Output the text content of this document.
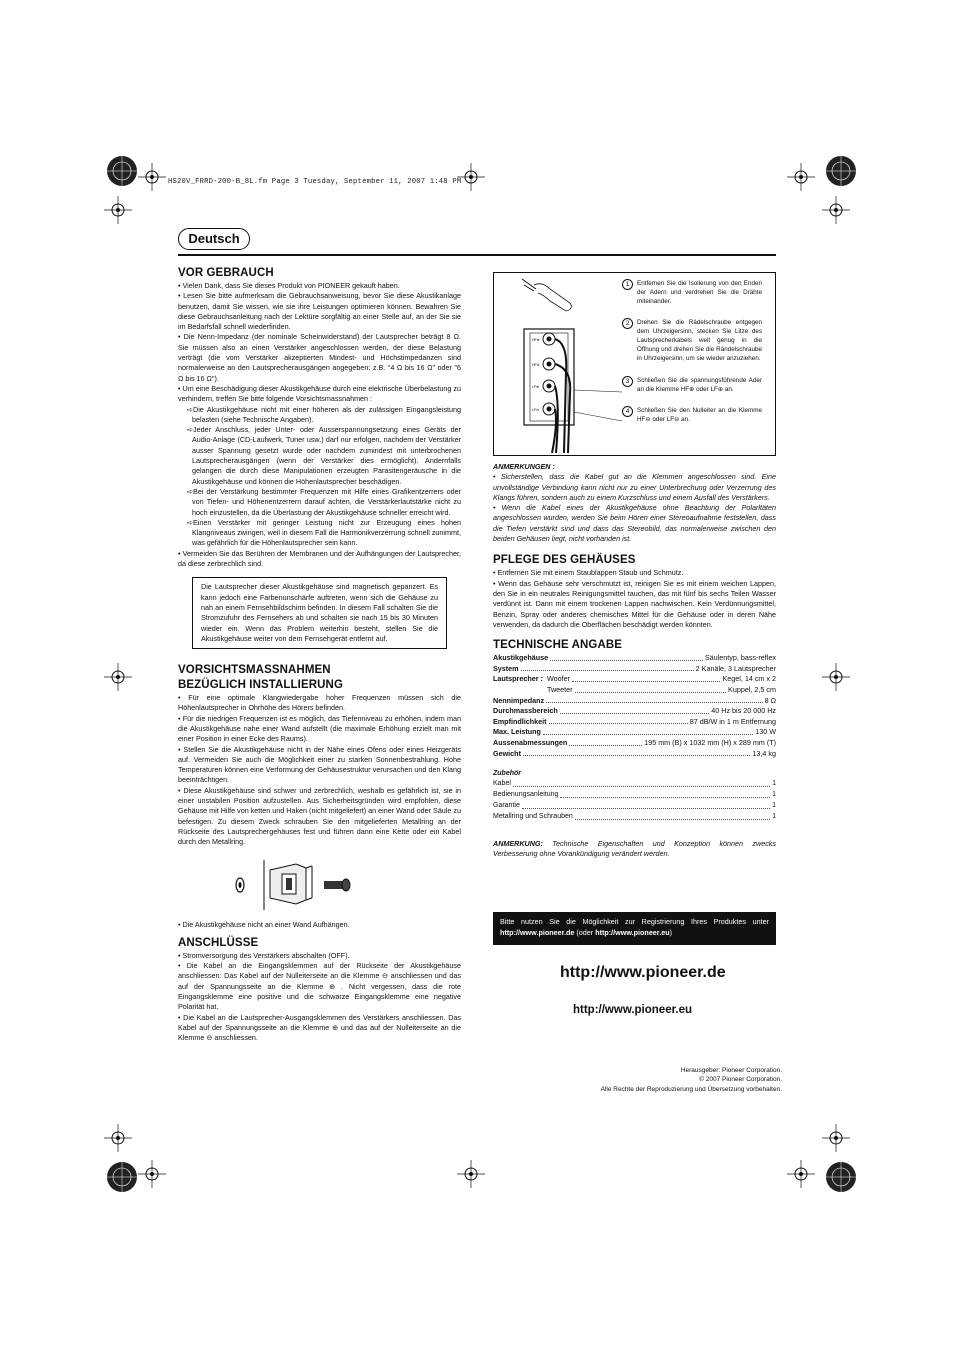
HS20V_FRRD-200-B_8L.fm Page 3 Tuesday, September 11, 2007 1:48 PM
Deutsch
VOR GEBRAUCH

• Vielen Dank, dass Sie dieses Produkt von PIONEER gekauft haben.

• Lesen Sie bitte aufmerksam die Gebrauchsanweisung, bevor Sie diese Akustikanlage benutzen, damit Sie wissen, wie sie ihre Leistungen optimieren können. Bewahren Sie diese Gebrauchsanleitung nach der Lektüre sorgfältig an einer Stelle auf, an der Sie sie im Bedarfsfall schnell wiederfinden.

• Die Nenn-Impedanz (der nominale Scheinwiderstand) der Lautsprecher beträgt 8 Ω. Sie müssen also an einen Verstärker angeschlossen werden, der diese Belastung verträgt (die vom Verstärker akzeptierten Mindest- und Höchstimpedanzen sind normalerweise an den Lautsprecherausgängen angegeben: z.B. "4 Ω bis 16 Ω" oder "6 Ω bis 16 Ω").

• Um eine Beschädigung dieser Akustikgehäuse durch eine elektrische Überbelastung zu verhindern, treffen Sie bitte folgende Vorsichtsmassnahmen :

➪Die Akustikgehäuse nicht mit einer höheren als der zulässigen Eingangsleistung belasten (siehe Technische Angaben).

➪Jeder Anschluss, jeder Unter- oder Ausserspannungsetzung eines Geräts der Audio-Anlage (CD-Laufwerk, Tuner usw.) darf nur erfolgen, nachdem der Verstärker ausser Spannung gesetzt wurde oder nachdem zumindest mit unterbrochenen Lautsprecherausgängen (wenn der Verstärker dies ermöglicht). Andernfalls gelangen die durch diese Manipulationen erzeugten Parasitengeräusche in die Akustikgehäuse und können die Höhenlautsprecher beschädigen.

➪Bei der Verstärkung bestimmter Frequenzen mit Hilfe eines Grafikentzerrers oder von Tiefen- und Höhenentzerrern darauf achten, die Verstärkerlautstärke nicht zu hoch einzustellen, da die Überlastung der Akustikgehäuse schneller erreicht wird.

➪Einen Verstärker mit geringer Leistung nicht zur Erzeugung eines hohen Klangniveaus zwingen, weil in diesem Fall die Harmonikverzerrung schnell zunimmt, was gefährlich für die Höhenlautsprecher sein kann.

• Vermeiden Sie das Berühren der Membranen und der Aufhängungen der Lautsprecher, da diese zerbrechlich sind.

Die Lautsprecher dieser Akustikgehäuse sind magnetisch gepanzert. Es kann jedoch eine Farbenunschärfe auftreten, wenn sich die Gehäuse zu nah an einem Fernsehbildschirm befinden. In diesem Fall schalten Sie die Stromzufuhr des Fernsehers ab und schalten sie nach 15 bis 30 Minuten wieder ein. Wenn das Problem weiterhin besteht, stellen Sie die Akustikgehäuse weiter von dem Fernsehgerät entfernt auf.
VORSICHTSMASSNAHMEN
BEZÜGLICH INSTALLIERUNG

• Für eine optimale Klangwiedergabe hoher Frequenzen müssen sich die Höhenlautsprecher in Ohrhöhe des Hörers befinden.

• Für die niedrigen Frequenzen ist es möglich, das Tiefenniveau zu erhöhen, indem man die Akustikgehäuse nahe einer Wand aufstellt (die maximale Erhöhung erzielt man mit einer Position in einer Ecke des Raums).

• Stellen Sie die Akustikgehäuse nicht in der Nähe eines Ofens oder eines Heizgeräts auf. Vermeiden Sie auch die Möglichkeit einer zu starken Sonnenbestrahlung. Hohe Temperaturen können eine Verformung der Gehäusestruktur verursachen und den Klang beeinträchtigen.

• Diese Akustikgehäuse sind schwer und zerbrechlich, weshalb es gefährlich ist, sie in einer unstabilen Position aufzustellen. Aus Sicherheitsgründen wird empfohlen, diese Gehäuse mit Hilfe von ketten und Haken (nicht mitgeliefert) an einer Wand oder Säule zu befestigen. Zu diesem Zweck schrauben Sie den mitgelieferten Metallring an der Rückseite des Lautsprechergehäuses fest und führen dann eine Kette oder ein Kabel durch den Metallring.

• Die Akustikgehäuse nicht an einer Wand Aufhängen.

ANSCHLÜSSE

• Stromversorgung des Verstärkers abschalten (OFF).

• Die Kabel an die Eingangsklemmen auf der Rückseite der Akustikgehäuse anschliessen: Das Kabel auf der Nulleiterseite an die Klemme ⊖ anschliessen und das auf der Spannungsseite an die Klemme ⊕ . Nicht vergessen, dass die rote Eingangsklemme eine positive und die schwarze Eingangsklemme eine negative Polarität hat.

• Die Kabel an die Lautsprecher-Ausgangsklemmen des Verstärkers anschliessen. Das Kabel auf der Spannungsseite an die Klemme ⊕ und das auf der Nulleiterseite an die Klemme ⊖ anschliessen.

HF⊕
HF⊖
LF⊕
LF⊖
1	Entfernen Sie die Isolierung von den Enden der Adern und verdrehen Sie die Drähte miteinander.
2	Drehen Sie die Rädelschraube entgegen dem Uhrzeigersinn, stecken Sie Litze des Lautsprecherkabels weit genug in die Öffnung und drehen Sie die Rändelschraube in Uhrzeigersinn, um sie wieder anzuziehen.
3	Schließen Sie die spannungsführende Ader an die Klemme HF⊕ oder LF⊕ an.
4	Schließen Sie den Nulleiter an die Klemme HF⊖ oder LF⊖ an.

ANMERKUNGEN :

• Sicherstellen, dass die Kabel gut an die Klemmen angeschlossen sind. Eine unvollständige Verbindung kann nicht nur zu einer Unterbrechung oder Verzerrung des Klangs führen, sondern auch zu einem Kurzschluss und einem Ausfall des Verstärkers.

• Wenn die Kabel eines der Akustikgehäuse ohne Beachtung der Polarltäten angeschlossen wurden, werden Sie beim Hören einer Stereoaufnahme feststellen, dass die Tiefen verstärkt sind und dass das Stereobild, das normalerweise zwischen den beiden Gehäusen liegt, nicht vorhanden ist.

PFLEGE DES GEHÄUSES

• Entfernen Sie mit einem Staublappen Staub und Schmutz.

• Wenn das Gehäuse sehr verschmutzt ist, reinigen Sie es mit einem weichen Lappen, den Sie in ein neutrales Reinigungsmittel tauchen, das mit fünf bis sechs Teilen Wasser verdünnt ist. Dann mit einem trockenen Lappen nachwischen. Kein Verdünnungsmittel, Benzin, Spray oder anderes chemisches Mittel für die Gehäuse oder in deren Nähe verwenden, da dadurch die Oberflächen beschädigt werden könnten.

TECHNISCHE ANGABE
Akustikgehäuse	Säulentyp, bass-reflex
System	2 Kanäle, 3 Lautsprecher
Lautsprecher : Woofer	Kegel, 14 cm x 2
Tweeter	Kuppel, 2,5 cm
Nennimpedanz	8 Ω
Durchmassbereich	40 Hz bis 20 000 Hz
Empfindlichkeit	87 dB/W in 1 m Entfernung
Max. Leistung	130 W
Aussenabmessungen	195 mm (B) x 1032 mm (H) x 289 mm (T)
Gewicht	13,4 kg

Zubehör

Kabel	1
Bedienungsanleitung	1
Garantie	1
Metallring und Schrauben	1

ANMERKUNG: Technische Eigenschaften und Konzeption können zwecks Verbesserung ohne Vorankündigung verändert werden.

Bitte nutzen Sie die Möglichkeit zur Registrierung Ihres Produktes unter http://www.pioneer.de (oder http://www.pioneer.eu)
http://www.pioneer.de
http://www.pioneer.eu
Herausgeber: Pioneer Corporation.
© 2007 Pioneer Corporation.
Alle Rechte der Reproduzierung und Übersetzung vorbehalten.
